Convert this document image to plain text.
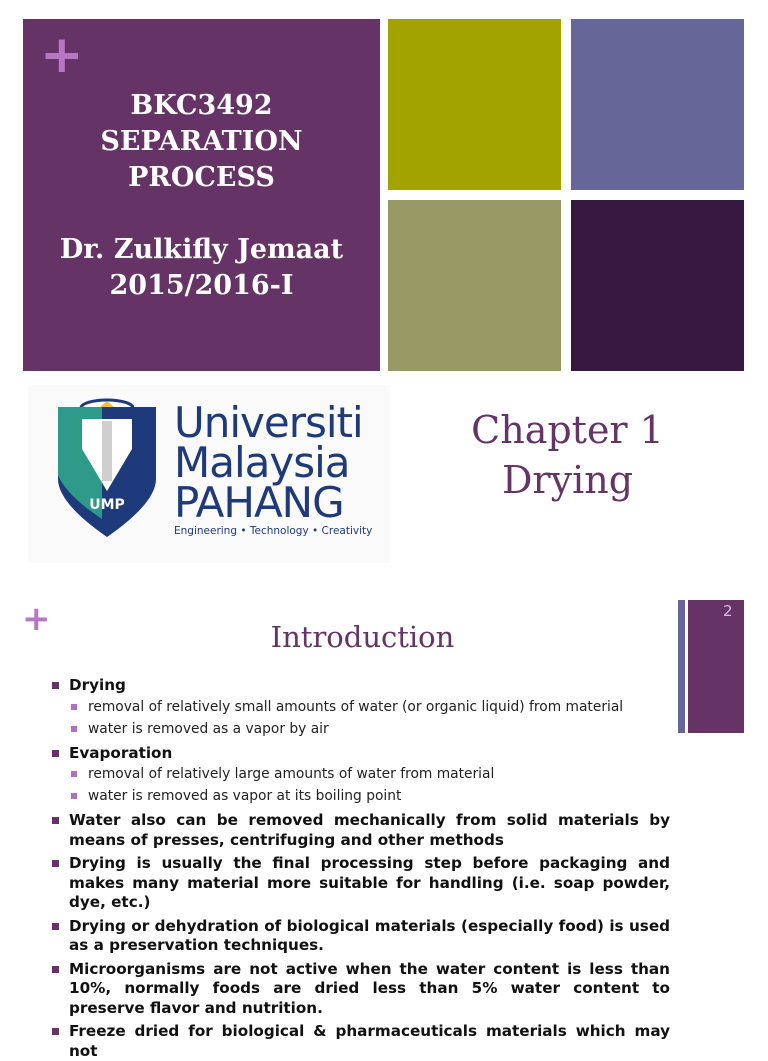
+
BKC3492
SEPARATION
PROCESS
Dr. Zulkifly Jemaat
2015/2016-I
UMP
Universiti
Malaysia
PAHANG
Engineering • Technology • Creativity
Chapter 1
Drying
+	Introduction
2
Drying
removal of relatively small amounts of water (or organic liquid) from material
water is removed as a vapor by air
Evaporation
removal of relatively large amounts of water from material
water is removed as vapor at its boiling point
Water also can be removed mechanically from solid materials by means of presses, centrifuging and other methods
Drying is usually the final processing step before packaging and makes many material more suitable for handling (i.e. soap powder, dye, etc.)
Drying or dehydration of biological materials (especially food) is used as a preservation techniques.
Microorganisms are not active when the water content is less than 10%, normally foods are dried less than 5% water content to preserve flavor and nutrition.
Freeze dried for biological & pharmaceuticals materials which may not
